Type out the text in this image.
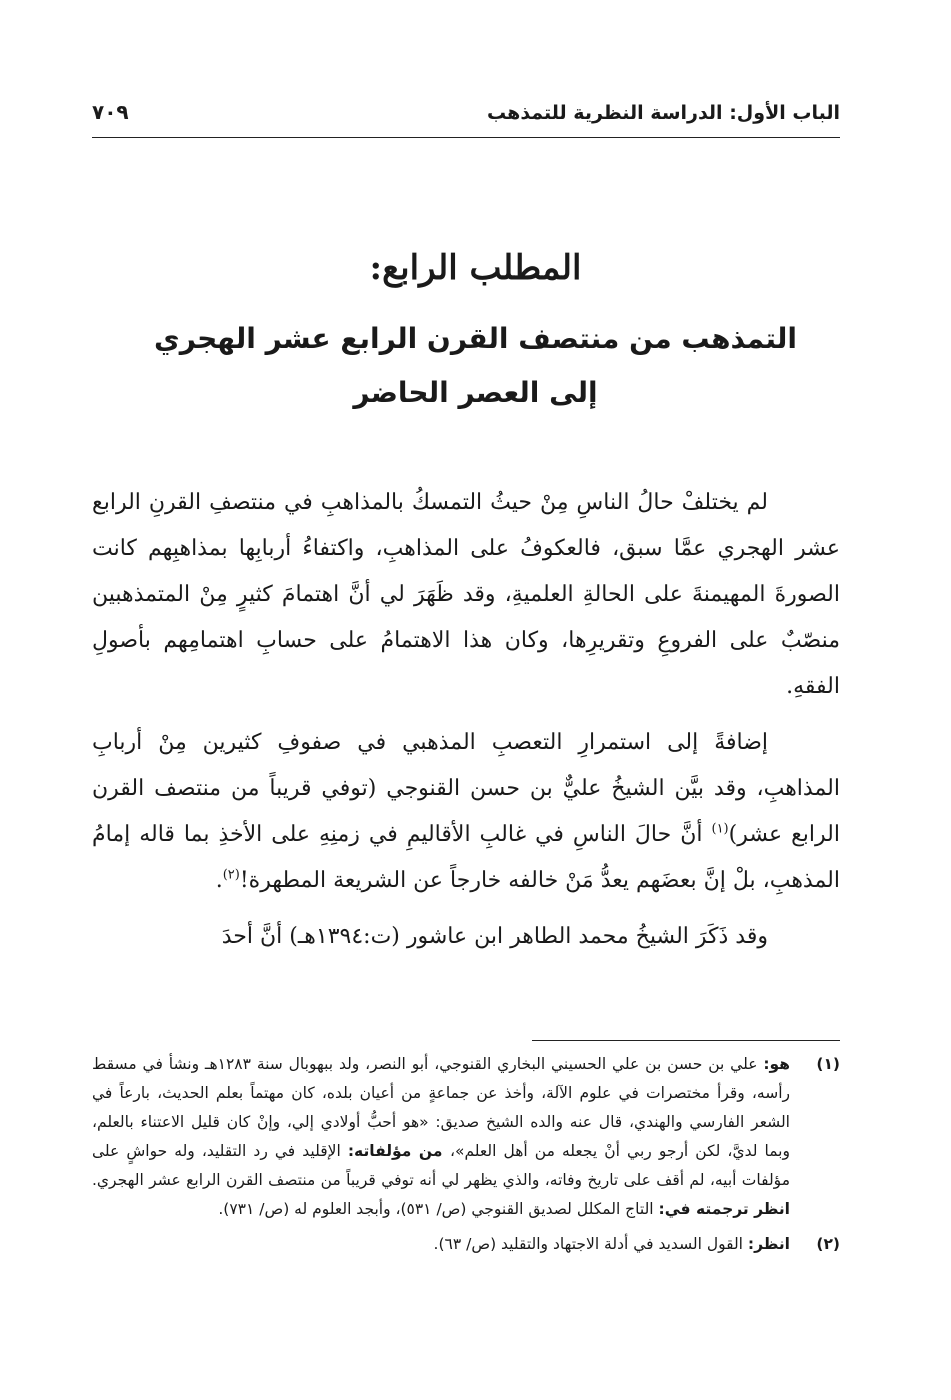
الباب الأول: الدراسة النظرية للتمذهب
٧٠٩
المطلب الرابع:
التمذهب من منتصف القرن الرابع عشر الهجري
إلى العصر الحاضر

لم يختلفْ حالُ الناسِ مِنْ حيثُ التمسكُ بالمذاهبِ في منتصفِ القرنِ الرابع عشر الهجري عمَّا سبق، فالعكوفُ على المذاهبِ، واكتفاءُ أربابِها بمذاهبِهم كانت الصورةَ المهيمنةَ على الحالةِ العلميةِ، وقد ظَهَرَ لي أنَّ اهتمامَ كثيرٍ مِنْ المتمذهبين منصّبٌ على الفروعِ وتقريرِها، وكان هذا الاهتمامُ على حسابِ اهتمامِهم بأصولِ الفقهِ.

إضافةً إلى استمرارِ التعصبِ المذهبي في صفوفِ كثيرين مِنْ أربابِ المذاهبِ، وقد بيَّن الشيخُ عليٌّ بن حسن القنوجي (توفي قريباً من منتصف القرن الرابع عشر)$^{(١)}$ أنَّ حالَ الناسِ في غالبِ الأقاليمِ في زمنِهِ على الأخذِ بما قاله إمامُ المذهبِ، بلْ إنَّ بعضَهم يعدُّ مَنْ خالفه خارجاً عن الشريعة المطهرة!$^{(٢)}$.

وقد ذَكَرَ الشيخُ محمد الطاهر ابن عاشور (ت:١٣٩٤هـ) أنَّ أحدَ

(١)
هو: علي بن حسن بن علي الحسيني البخاري القنوجي، أبو النصر، ولد ببهوبال سنة ١٢٨٣هـ ونشأ في مسقط رأسه، وقرأ مختصرات في علوم الآلة، وأخذ عن جماعةٍ من أعيان بلده، كان مهتماً بعلم الحديث، بارعاً في الشعر الفارسي والهندي، قال عنه والده الشيخ صديق: «هو أحبُّ أولادي إلي، وإنْ كان قليل الاعتناء بالعلم، وبما لديَّ، لكن أرجو ربي أنْ يجعله من أهل العلم»، من مؤلفاته: الإقليد في رد التقليد، وله حواشٍ على مؤلفات أبيه، لم أقف على تاريخ وفاته، والذي يظهر لي أنه توفي قريباً من منتصف القرن الرابع عشر الهجري. انظر ترجمته في: التاج المكلل لصديق القنوجي (ص/ ٥٣١)، وأبجد العلوم له (ص/ ٧٣١).
(٢)
انظر: القول السديد في أدلة الاجتهاد والتقليد (ص/ ٦٣).
